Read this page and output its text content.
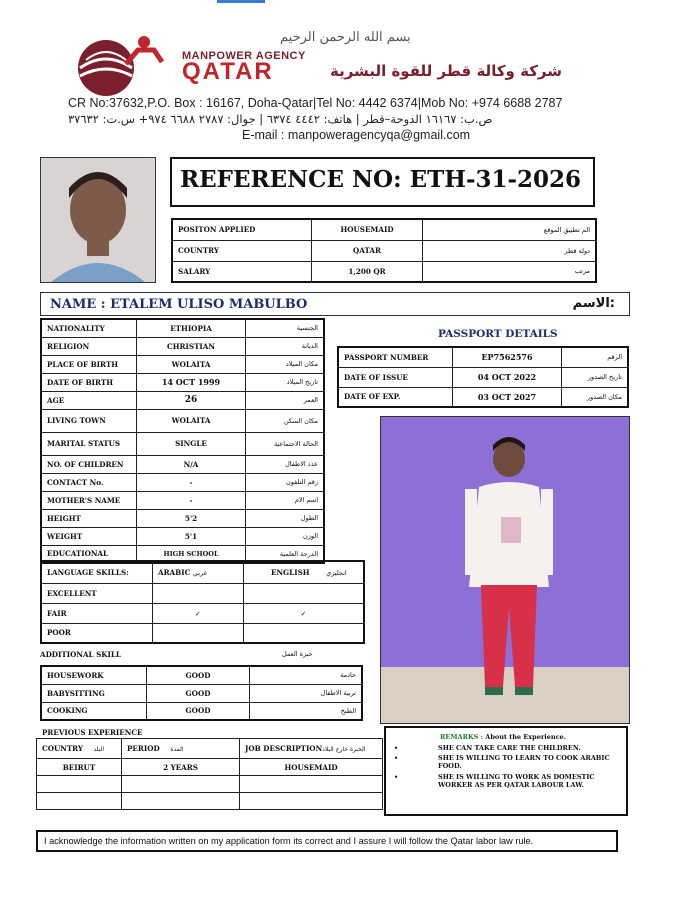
بسم الله الرحمن الرحيم
MANPOWER AGENCY
QATAR	شركة وكالة قطر للقوة البشرية
CR No:37632,P.O. Box : 16167, Doha-Qatar|Tel No: 4442 6374|Mob No: +974 6688 2787
ص.ب: ١٦١٦٧ الدوحة–قطر | هاتف: ٤٤٤٢ ٦٣٧٤ | جوال: ٢٧٨٧ ٦٦٨٨ ٩٧٤+ س.ت: ٣٧٦٣٢
E-mail : manpoweragencyqa@gmail.com
REFERENCE NO: ETH-31-2026
POSITON APPLIED	HOUSEMAID	الم تطبيق الموقع
COUNTRY	QATAR	دولة قطر
SALARY	1,200 QR	مرتب
NAME : ETALEM ULISO MABULBO	الاسم:
NATIONALITY	ETHIOPIA	الجنسية
RELIGION	CHRISTIAN	الديانة
PLACE OF BIRTH	WOLAITA	مكان الميلاد
DATE OF BIRTH	14 OCT 1999	تاريخ الميلاد
AGE	26	العمر
LIVING TOWN	WOLAITA	مكان السكن
MARITAL STATUS	SINGLE	الحالة الاجتماعية
NO. OF CHILDREN	N/A	عدد الاطفال
CONTACT No.	-	رقم التلفون
MOTHER'S NAME	-	اسم الام
HEIGHT	5'2	الطول
WEIGHT	5'1	الوزن
EDUCATIONAL	HIGH SCHOOL	الدرجة العلمية
PASSPORT DETAILS
PASSPORT NUMBER	EP7562576	الرقم
DATE OF ISSUE	04 OCT 2022	تاريخ الصدور
DATE OF EXP.	03 OCT 2027	مكان الصدور
LANGUAGE SKILLS:	ARABIC عربي	ENGLISH انجليزي
EXCELLENT		
FAIR	✓	✓
POOR		
ADDITIONAL SKILL	خبرة العمل
HOUSEWORK	GOOD	خادمة
BABYSITTING	GOOD	تربية الاطفال
COOKING	GOOD	الطبخ
PREVIOUS EXPERIENCE
COUNTRY البلد	PERIOD المدة	JOB DESCRIPTIONالخبرة خارج البلاد
BEIRUT	2 YEARS	HOUSEMAID

REMARKS : About the Experience.
•	SHE CAN TAKE CARE THE CHILDREN.
•	SHE IS WILLING TO LEARN TO COOK ARABIC FOOD.
•	SHE IS WILLING TO WORK AS DOMESTIC WORKER AS PER QATAR LABOUR LAW.
I acknowledge the information written on my application form its correct and I assure I will follow the Qatar labor law rule.
